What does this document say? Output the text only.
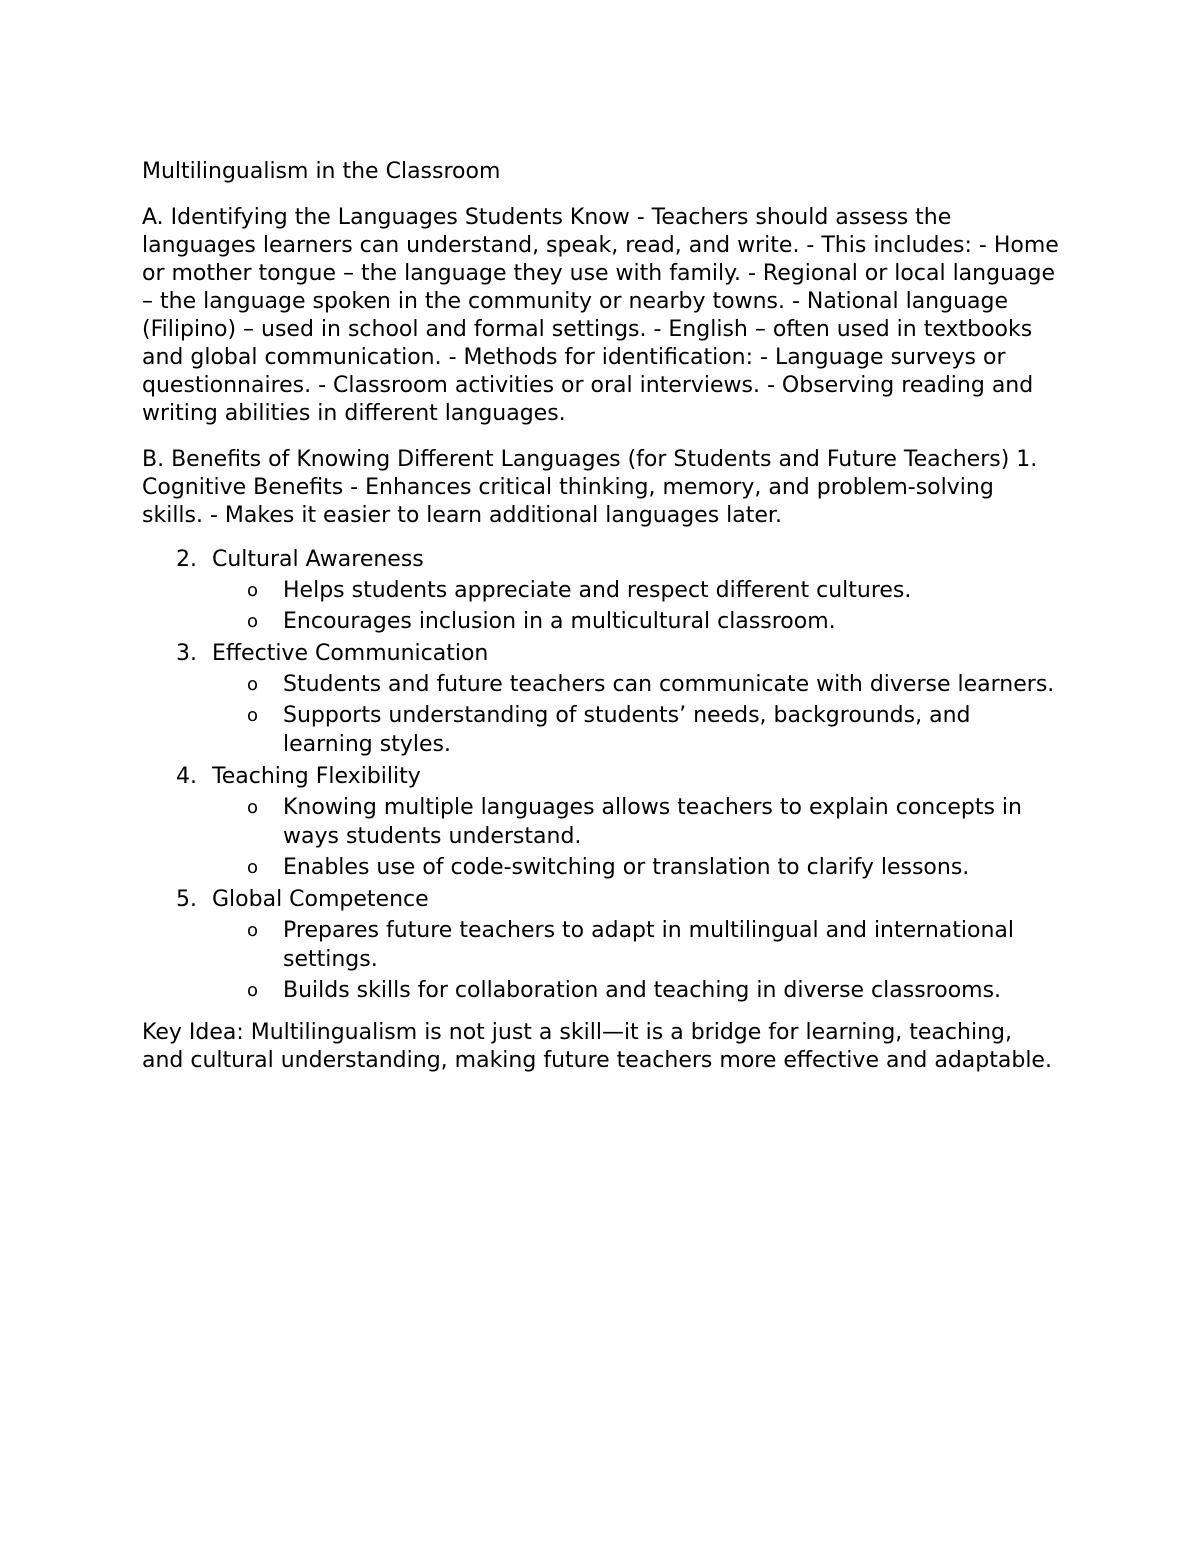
Multilingualism in the Classroom

A. Identifying the Languages Students Know - Teachers should assess the languages learners can understand, speak, read, and write. - This includes: - Home or mother tongue – the language they use with family. - Regional or local language – the language spoken in the community or nearby towns. - National language (Filipino) – used in school and formal settings. - English – often used in textbooks and global communication. - Methods for identification: - Language surveys or questionnaires. - Classroom activities or oral interviews. - Observing reading and writing abilities in different languages.

B. Benefits of Knowing Different Languages (for Students and Future Teachers) 1. Cognitive Benefits - Enhances critical thinking, memory, and problem-solving skills. - Makes it easier to learn additional languages later.

2. Cultural Awareness
o	Helps students appreciate and respect different cultures.
o	Encourages inclusion in a multicultural classroom.
3. Effective Communication
o	Students and future teachers can communicate with diverse learners.
o	Supports understanding of students’ needs, backgrounds, and learning styles.
4. Teaching Flexibility
o	Knowing multiple languages allows teachers to explain concepts in ways students understand.
o	Enables use of code-switching or translation to clarify lessons.
5. Global Competence
o	Prepares future teachers to adapt in multilingual and international settings.
o	Builds skills for collaboration and teaching in diverse classrooms.

Key Idea: Multilingualism is not just a skill—it is a bridge for learning, teaching, and cultural understanding, making future teachers more effective and adaptable.
